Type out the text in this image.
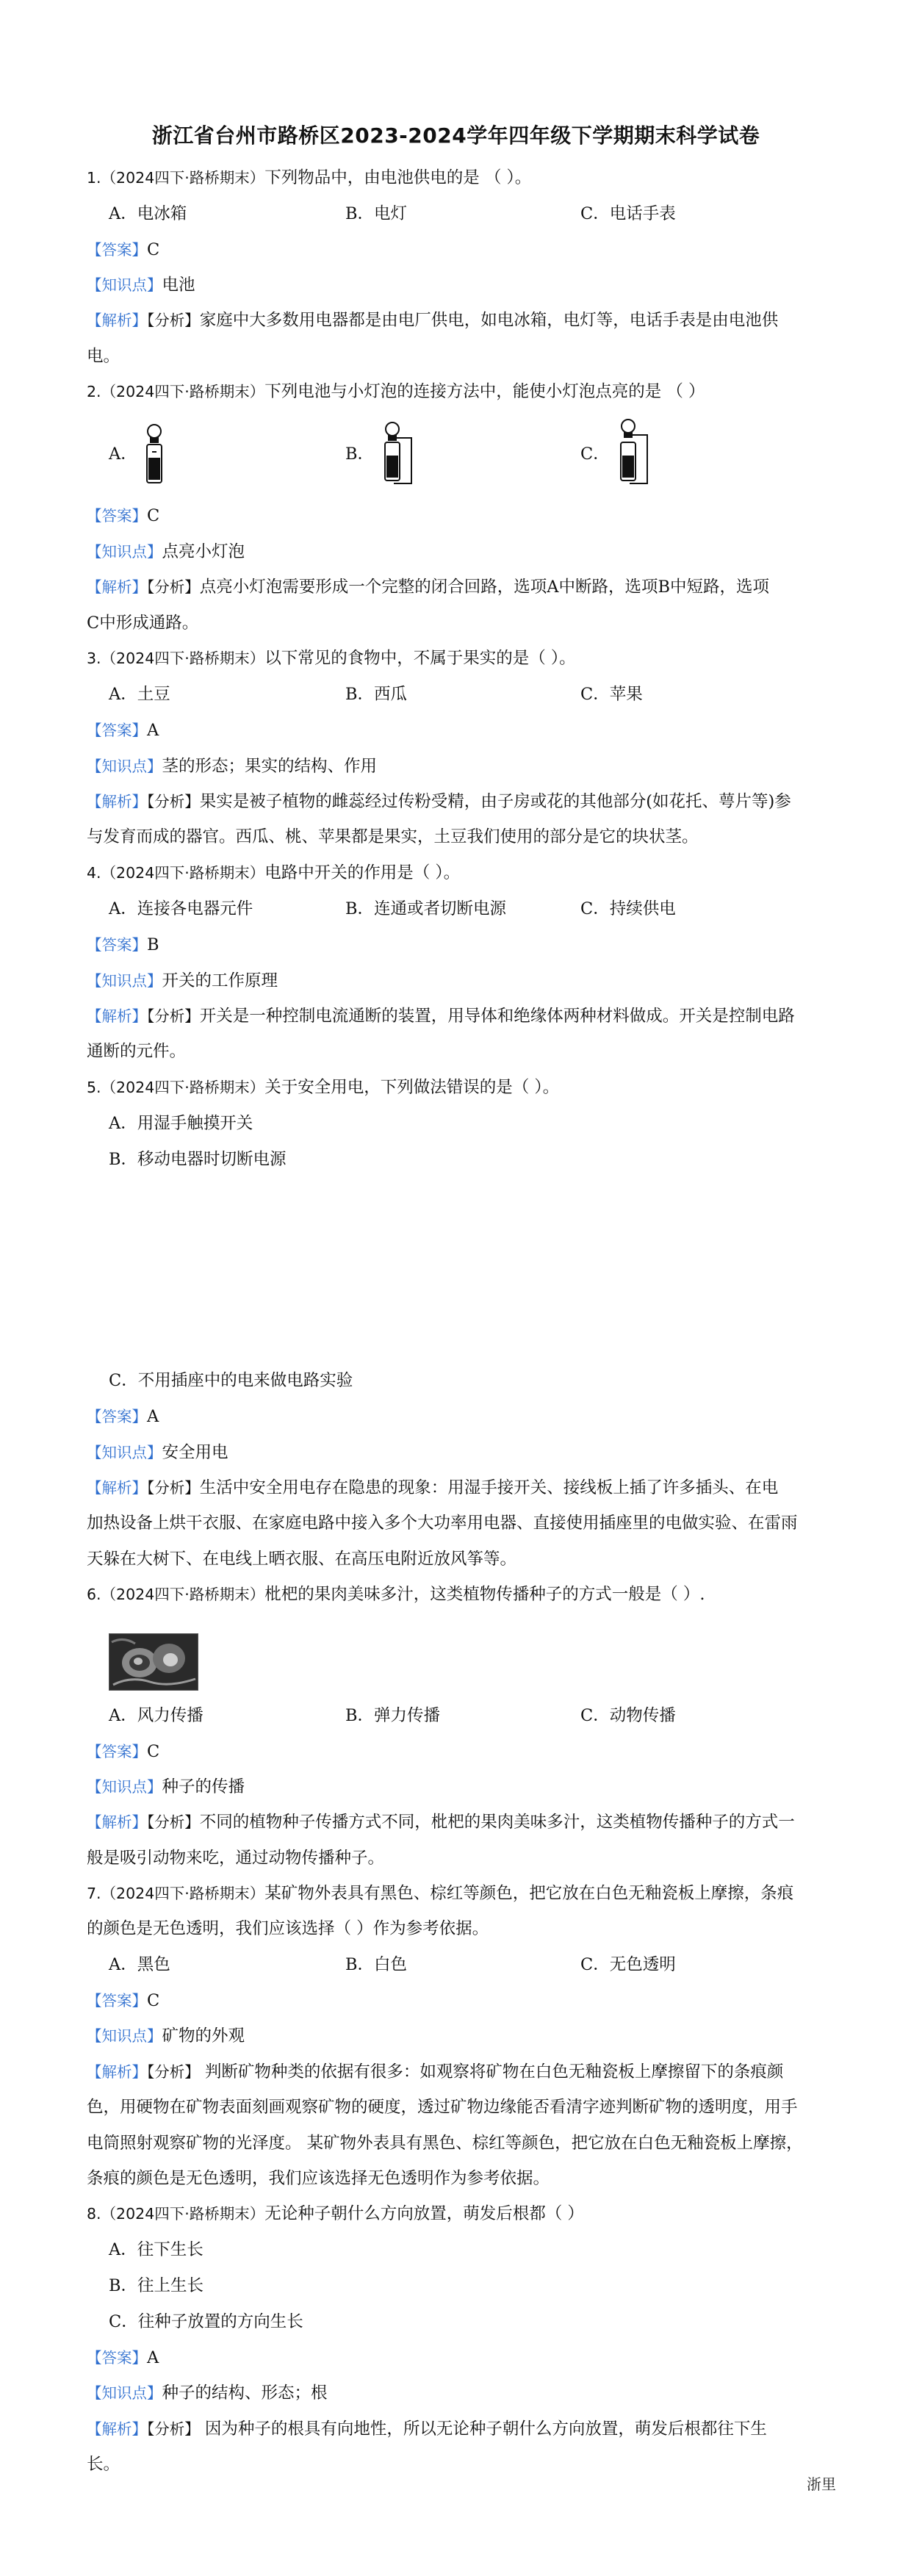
浙江省台州市路桥区2023-2024学年四年级下学期期末科学试卷
1.（2024四下·路桥期末）下列物品中，由电池供电的是 （ ）。
A．电冰箱	B．电灯	C．电话手表
【答案】C
【知识点】电池
【解析】【分析】家庭中大多数用电器都是由电厂供电，如电冰箱，电灯等，电话手表是由电池供
电。
2.（2024四下·路桥期末）下列电池与小灯泡的连接方法中，能使小灯泡点亮的是 （ ）
A．	B．	C．
【答案】C
【知识点】点亮小灯泡
【解析】【分析】点亮小灯泡需要形成一个完整的闭合回路，选项A中断路，选项B中短路，选项
C中形成通路。
3.（2024四下·路桥期末）以下常见的食物中，不属于果实的是（ ）。
A．土豆	B．西瓜	C．苹果
【答案】A
【知识点】茎的形态；果实的结构、作用
【解析】【分析】果实是被子植物的雌蕊经过传粉受精，由子房或花的其他部分(如花托、萼片等)参
与发育而成的器官。西瓜、桃、苹果都是果实，土豆我们使用的部分是它的块状茎。
4.（2024四下·路桥期末）电路中开关的作用是（ ）。
A．连接各电器元件	B．连通或者切断电源	C．持续供电
【答案】B
【知识点】开关的工作原理
【解析】【分析】开关是一种控制电流通断的装置，用导体和绝缘体两种材料做成。开关是控制电路
通断的元件。
5.（2024四下·路桥期末）关于安全用电，下列做法错误的是（ ）。
A．用湿手触摸开关
B．移动电器时切断电源
C．不用插座中的电来做电路实验
【答案】A
【知识点】安全用电
【解析】【分析】生活中安全用电存在隐患的现象：用湿手接开关、接线板上插了许多插头、在电
加热设备上烘干衣服、在家庭电路中接入多个大功率用电器、直接使用插座里的电做实验、在雷雨
天躲在大树下、在电线上晒衣服、在高压电附近放风筝等。
6.（2024四下·路桥期末）枇杷的果肉美味多汁，这类植物传播种子的方式一般是（ ）.
A．风力传播	B．弹力传播	C．动物传播
【答案】C
【知识点】种子的传播
【解析】【分析】不同的植物种子传播方式不同，枇杷的果肉美味多汁，这类植物传播种子的方式一
般是吸引动物来吃，通过动物传播种子。
7.（2024四下·路桥期末）某矿物外表具有黑色、棕红等颜色，把它放在白色无釉瓷板上摩擦，条痕
的颜色是无色透明，我们应该选择（ ）作为参考依据。
A．黑色	B．白色	C．无色透明
【答案】C
【知识点】矿物的外观
【解析】【分析】 判断矿物种类的依据有很多：如观察将矿物在白色无釉瓷板上摩擦留下的条痕颜
色，用硬物在矿物表面刻画观察矿物的硬度，透过矿物边缘能否看清字迹判断矿物的透明度，用手
电筒照射观察矿物的光泽度。 某矿物外表具有黑色、棕红等颜色，把它放在白色无釉瓷板上摩擦，
条痕的颜色是无色透明，我们应该选择无色透明作为参考依据。
8.（2024四下·路桥期末）无论种子朝什么方向放置，萌发后根都（ ）
A．往下生长
B．往上生长
C．往种子放置的方向生长
【答案】A
【知识点】种子的结构、形态；根
【解析】【分析】 因为种子的根具有向地性，所以无论种子朝什么方向放置，萌发后根都往下生
长。
浙里
